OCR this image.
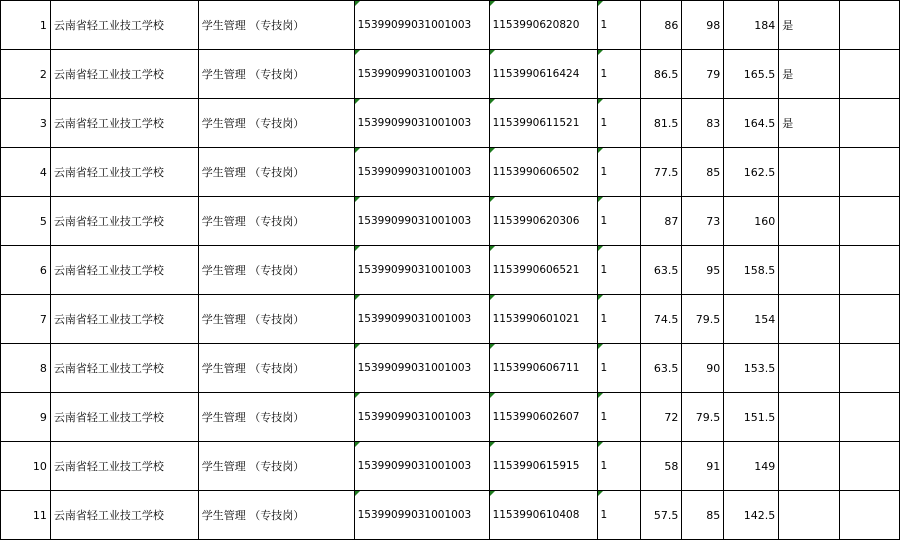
1	云南省轻工业技工学校	学生管理 （专技岗）	15399099031001003	1153990620820	1	86	98	184	是	
2	云南省轻工业技工学校	学生管理 （专技岗）	15399099031001003	1153990616424	1	86.5	79	165.5	是	
3	云南省轻工业技工学校	学生管理 （专技岗）	15399099031001003	1153990611521	1	81.5	83	164.5	是	
4	云南省轻工业技工学校	学生管理 （专技岗）	15399099031001003	1153990606502	1	77.5	85	162.5		
5	云南省轻工业技工学校	学生管理 （专技岗）	15399099031001003	1153990620306	1	87	73	160		
6	云南省轻工业技工学校	学生管理 （专技岗）	15399099031001003	1153990606521	1	63.5	95	158.5		
7	云南省轻工业技工学校	学生管理 （专技岗）	15399099031001003	1153990601021	1	74.5	79.5	154		
8	云南省轻工业技工学校	学生管理 （专技岗）	15399099031001003	1153990606711	1	63.5	90	153.5		
9	云南省轻工业技工学校	学生管理 （专技岗）	15399099031001003	1153990602607	1	72	79.5	151.5		
10	云南省轻工业技工学校	学生管理 （专技岗）	15399099031001003	1153990615915	1	58	91	149		
11	云南省轻工业技工学校	学生管理 （专技岗）	15399099031001003	1153990610408	1	57.5	85	142.5		
